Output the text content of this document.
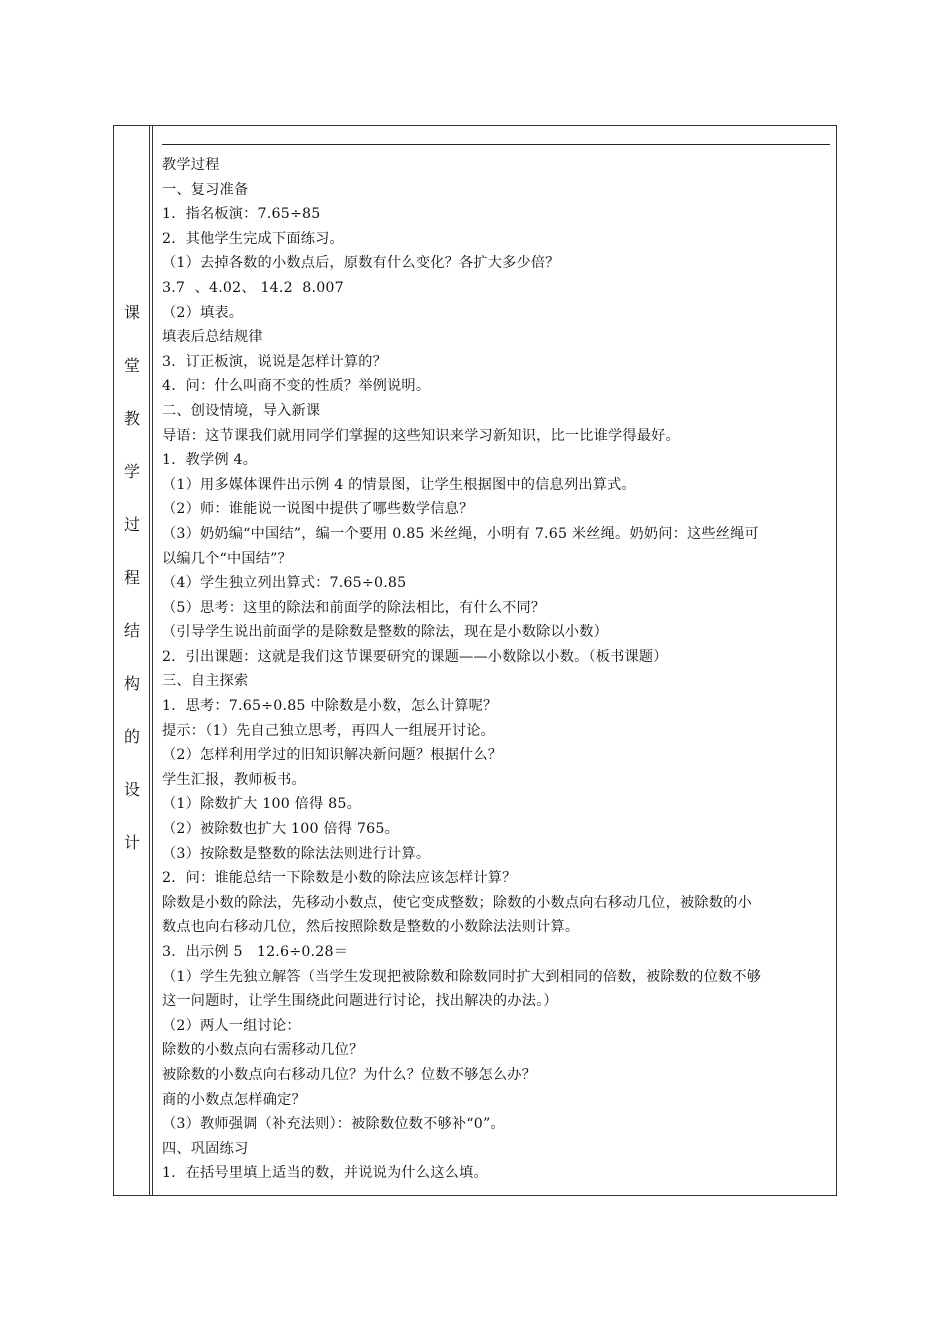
课
堂
教
学
过
程
结
构
的
设
计
教学过程
一、复习准备
1．指名板演：7.65÷85
2．其他学生完成下面练习。
（1）去掉各数的小数点后，原数有什么变化？各扩大多少倍？
3.7  、4.02、 14.2  8.007
（2）填表。
填表后总结规律
3．订正板演，说说是怎样计算的？
4．问：什么叫商不变的性质？举例说明。
二、创设情境，导入新课
导语：这节课我们就用同学们掌握的这些知识来学习新知识，比一比谁学得最好。
1．教学例 4。
（1）用多媒体课件出示例 4 的情景图，让学生根据图中的信息列出算式。
（2）师：谁能说一说图中提供了哪些数学信息？
（3）奶奶编“中国结”，编一个要用 0.85 米丝绳，小明有 7.65 米丝绳。奶奶问：这些丝绳可
以编几个“中国结”？
（4）学生独立列出算式：7.65÷0.85
（5）思考：这里的除法和前面学的除法相比，有什么不同？
（引导学生说出前面学的是除数是整数的除法，现在是小数除以小数）
2．引出课题：这就是我们这节课要研究的课题——小数除以小数。（板书课题）
三、自主探索
1．思考：7.65÷0.85 中除数是小数，怎么计算呢？
提示：（1）先自己独立思考，再四人一组展开讨论。
（2）怎样利用学过的旧知识解决新问题？根据什么？
学生汇报，教师板书。
（1）除数扩大 100 倍得 85。
（2）被除数也扩大 100 倍得 765。
（3）按除数是整数的除法法则进行计算。
2．问：谁能总结一下除数是小数的除法应该怎样计算？
除数是小数的除法，先移动小数点，使它变成整数；除数的小数点向右移动几位，被除数的小
数点也向右移动几位，然后按照除数是整数的小数除法法则计算。
3．出示例 5   12.6÷0.28＝
（1）学生先独立解答（当学生发现把被除数和除数同时扩大到相同的倍数，被除数的位数不够
这一问题时，让学生围绕此问题进行讨论，找出解决的办法。）
（2）两人一组讨论：
除数的小数点向右需移动几位？
被除数的小数点向右移动几位？为什么？位数不够怎么办？
商的小数点怎样确定？
（3）教师强调（补充法则）：被除数位数不够补“0”。
四、巩固练习
1．在括号里填上适当的数，并说说为什么这么填。
